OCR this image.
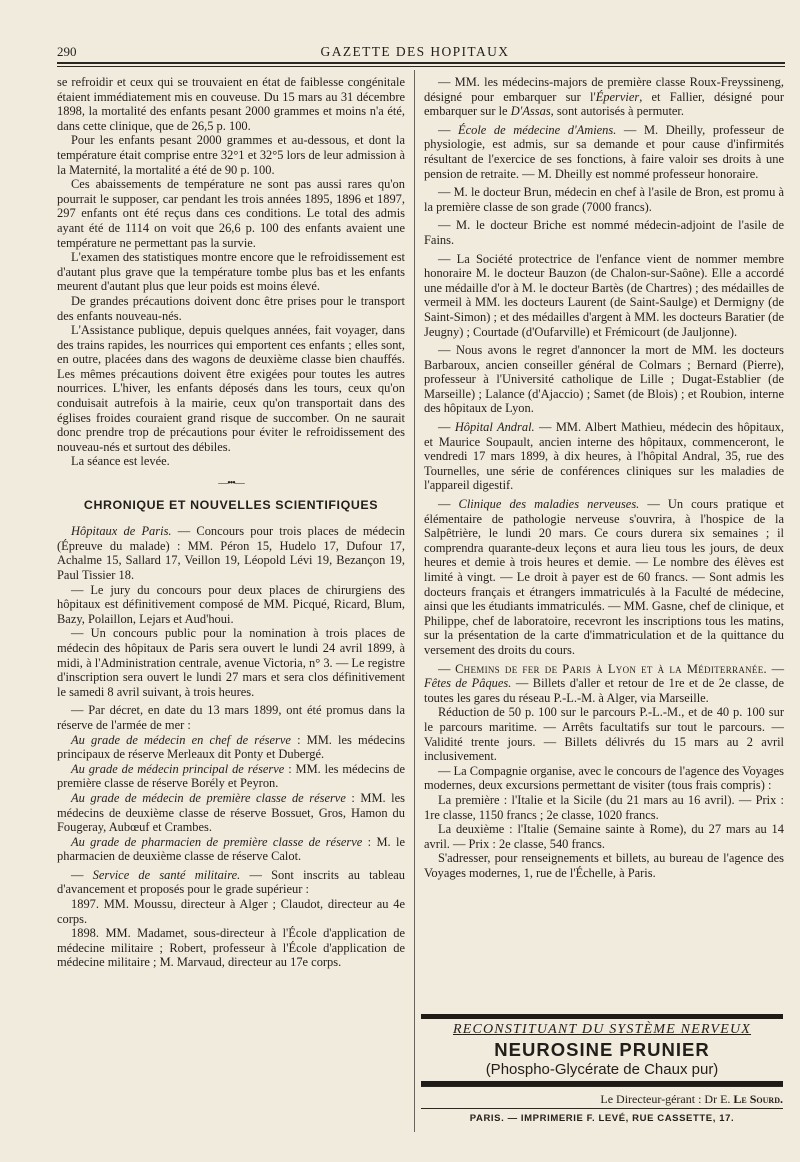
290	GAZETTE DES HOPITAUX

se refroidir et ceux qui se trouvaient en état de faiblesse congénitale étaient immédiatement mis en couveuse. Du 15 mars au 31 décembre 1898, la mortalité des enfants pesant 2000 grammes et moins n'a été, dans cette clinique, que de 26,5 p. 100.

Pour les enfants pesant 2000 grammes et au-dessous, et dont la température était comprise entre 32°1 et 32°5 lors de leur admission à la Maternité, la mortalité a été de 90 p. 100.

Ces abaissements de température ne sont pas aussi rares qu'on pourrait le supposer, car pendant les trois années 1895, 1896 et 1897, 297 enfants ont été reçus dans ces conditions. Le total des admis ayant été de 1114 on voit que 26,6 p. 100 des enfants avaient une température ne permettant pas la survie.

L'examen des statistiques montre encore que le refroidissement est d'autant plus grave que la température tombe plus bas et les enfants meurent d'autant plus que leur poids est moins élevé.

De grandes précautions doivent donc être prises pour le transport des enfants nouveau-nés.

L'Assistance publique, depuis quelques années, fait voyager, dans des trains rapides, les nourrices qui emportent ces enfants ; elles sont, en outre, placées dans des wagons de deuxième classe bien chauffés. Les mêmes précautions doivent être exigées pour toutes les autres nourrices. L'hiver, les enfants déposés dans les tours, ceux qu'on conduisait autrefois à la mairie, ceux qu'on transportait dans des églises froides couraient grand risque de succomber. On ne saurait donc prendre trop de précautions pour éviter le refroidissement des nouveau-nés et surtout des débiles.

La séance est levée.

—•••—
CHRONIQUE ET NOUVELLES SCIENTIFIQUES

Hôpitaux de Paris. — Concours pour trois places de médecin (Épreuve du malade) : MM. Péron 15, Hudelo 17, Dufour 17, Achalme 15, Sallard 17, Veillon 19, Léopold Lévi 19, Bezançon 19, Paul Tissier 18.

— Le jury du concours pour deux places de chirurgiens des hôpitaux est définitivement composé de MM. Picqué, Ricard, Blum, Bazy, Polaillon, Lejars et Aud'houi.

— Un concours public pour la nomination à trois places de médecin des hôpitaux de Paris sera ouvert le lundi 24 avril 1899, à midi, à l'Administration centrale, avenue Victoria, n° 3. — Le registre d'inscription sera ouvert le lundi 27 mars et sera clos définitivement le samedi 8 avril suivant, à trois heures.

— Par décret, en date du 13 mars 1899, ont été promus dans la réserve de l'armée de mer :

Au grade de médecin en chef de réserve : MM. les médecins principaux de réserve Merleaux dit Ponty et Dubergé.

Au grade de médecin principal de réserve : MM. les médecins de première classe de réserve Borély et Peyron.

Au grade de médecin de première classe de réserve : MM. les médecins de deuxième classe de réserve Bossuet, Gros, Hamon du Fougeray, Aubœuf et Crambes.

Au grade de pharmacien de première classe de réserve : M. le pharmacien de deuxième classe de réserve Calot.

— Service de santé militaire. — Sont inscrits au tableau d'avancement et proposés pour le grade supérieur :

1897. MM. Moussu, directeur à Alger ; Claudot, directeur au 4e corps.

1898. MM. Madamet, sous-directeur à l'École d'application de médecine militaire ; Robert, professeur à l'École d'application de médecine militaire ; M. Marvaud, directeur au 17e corps.

— MM. les médecins-majors de première classe Roux-Freyssineng, désigné pour embarquer sur l'Épervier, et Fallier, désigné pour embarquer sur le D'Assas, sont autorisés à permuter.

— École de médecine d'Amiens. — M. Dheilly, professeur de physiologie, est admis, sur sa demande et pour cause d'infirmités résultant de l'exercice de ses fonctions, à faire valoir ses droits à une pension de retraite. — M. Dheilly est nommé professeur honoraire.

— M. le docteur Brun, médecin en chef à l'asile de Bron, est promu à la première classe de son grade (7000 francs).

— M. le docteur Briche est nommé médecin-adjoint de l'asile de Fains.

— La Société protectrice de l'enfance vient de nommer membre honoraire M. le docteur Bauzon (de Chalon-sur-Saône). Elle a accordé une médaille d'or à M. le docteur Bartès (de Chartres) ; des médailles de vermeil à MM. les docteurs Laurent (de Saint-Saulge) et Dermigny (de Saint-Simon) ; et des médailles d'argent à MM. les docteurs Baratier (de Jeugny) ; Courtade (d'Oufarville) et Frémicourt (de Jauljonne).

— Nous avons le regret d'annoncer la mort de MM. les docteurs Barbaroux, ancien conseiller général de Colmars ; Bernard (Pierre), professeur à l'Université catholique de Lille ; Dugat-Establier (de Marseille) ; Lalance (d'Ajaccio) ; Samet (de Blois) ; et Roubion, interne des hôpitaux de Lyon.

— Hôpital Andral. — MM. Albert Mathieu, médecin des hôpitaux, et Maurice Soupault, ancien interne des hôpitaux, commenceront, le vendredi 17 mars 1899, à dix heures, à l'hôpital Andral, 35, rue des Tournelles, une série de conférences cliniques sur les maladies de l'appareil digestif.

— Clinique des maladies nerveuses. — Un cours pratique et élémentaire de pathologie nerveuse s'ouvrira, à l'hospice de la Salpêtrière, le lundi 20 mars. Ce cours durera six semaines ; il comprendra quarante-deux leçons et aura lieu tous les jours, de deux heures et demie à trois heures et demie. — Le nombre des élèves est limité à vingt. — Le droit à payer est de 60 francs. — Sont admis les docteurs français et étrangers immatriculés à la Faculté de médecine, ainsi que les étudiants immatriculés. — MM. Gasne, chef de clinique, et Philippe, chef de laboratoire, recevront les inscriptions tous les matins, sur la présentation de la carte d'immatriculation et de la quittance du versement des droits du cours.

— Chemins de fer de Paris à Lyon et à la Méditerranée. — Fêtes de Pâques. — Billets d'aller et retour de 1re et de 2e classe, de toutes les gares du réseau P.-L.-M. à Alger, via Marseille.

Réduction de 50 p. 100 sur le parcours P.-L.-M., et de 40 p. 100 sur le parcours maritime. — Arrêts facultatifs sur tout le parcours. — Validité trente jours. — Billets délivrés du 15 mars au 2 avril inclusivement.

— La Compagnie organise, avec le concours de l'agence des Voyages modernes, deux excursions permettant de visiter (tous frais compris) :

La première : l'Italie et la Sicile (du 21 mars au 16 avril). — Prix : 1re classe, 1150 francs ; 2e classe, 1020 francs.

La deuxième : l'Italie (Semaine sainte à Rome), du 27 mars au 14 avril. — Prix : 2e classe, 540 francs.

S'adresser, pour renseignements et billets, au bureau de l'agence des Voyages modernes, 1, rue de l'Échelle, à Paris.

RECONSTITUANT DU SYSTÈME NERVEUX
NEUROSINE PRUNIER
(Phospho-Glycérate de Chaux pur)
Le Directeur-gérant : Dr E. Le Sourd.
PARIS. — IMPRIMERIE F. LEVÉ, RUE CASSETTE, 17.
